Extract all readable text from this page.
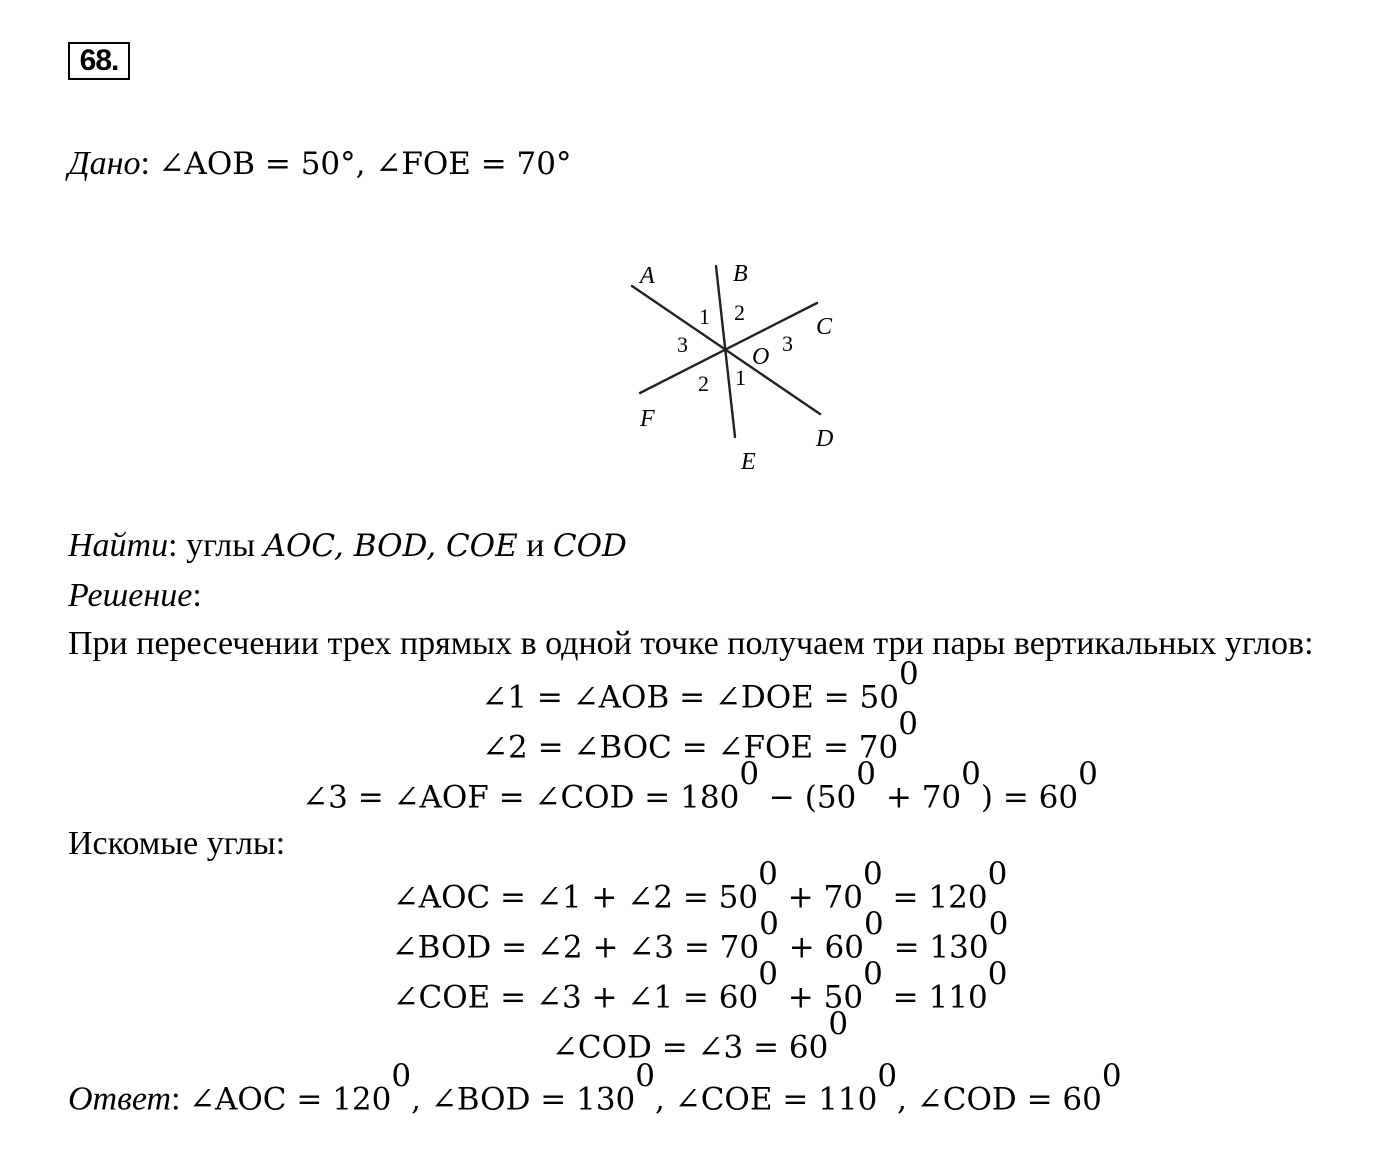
68.
Дано: ∠AOB = 50°, ∠FOE = 70°
A	B
C
D
E
F
O
1 2
3	3
2 1
Найти: углы AOC, BOD, COE и COD
Решение:
При пересечении трех прямых в одной точке получаем три пары вертикальных углов:
∠1 = ∠AOB = ∠DOE = $50^0$
∠2 = ∠BOC = ∠FOE = $70^0$
∠3 = ∠AOF = ∠COD = $180^0 - (50^0 + 70^0) = 60^0$
Искомые углы:
∠AOC = ∠1 + ∠2 = $50^0 + 70^0 = 120^0$
∠BOD = ∠2 + ∠3 = $70^0 + 60^0 = 130^0$
∠COE = ∠3 + ∠1 = $60^0 + 50^0 = 110^0$
∠COD = ∠3 = $60^0$
Ответ: ∠AOC = $120^0$, ∠BOD = $130^0$, ∠COE = $110^0$, ∠COD = $60^0$
